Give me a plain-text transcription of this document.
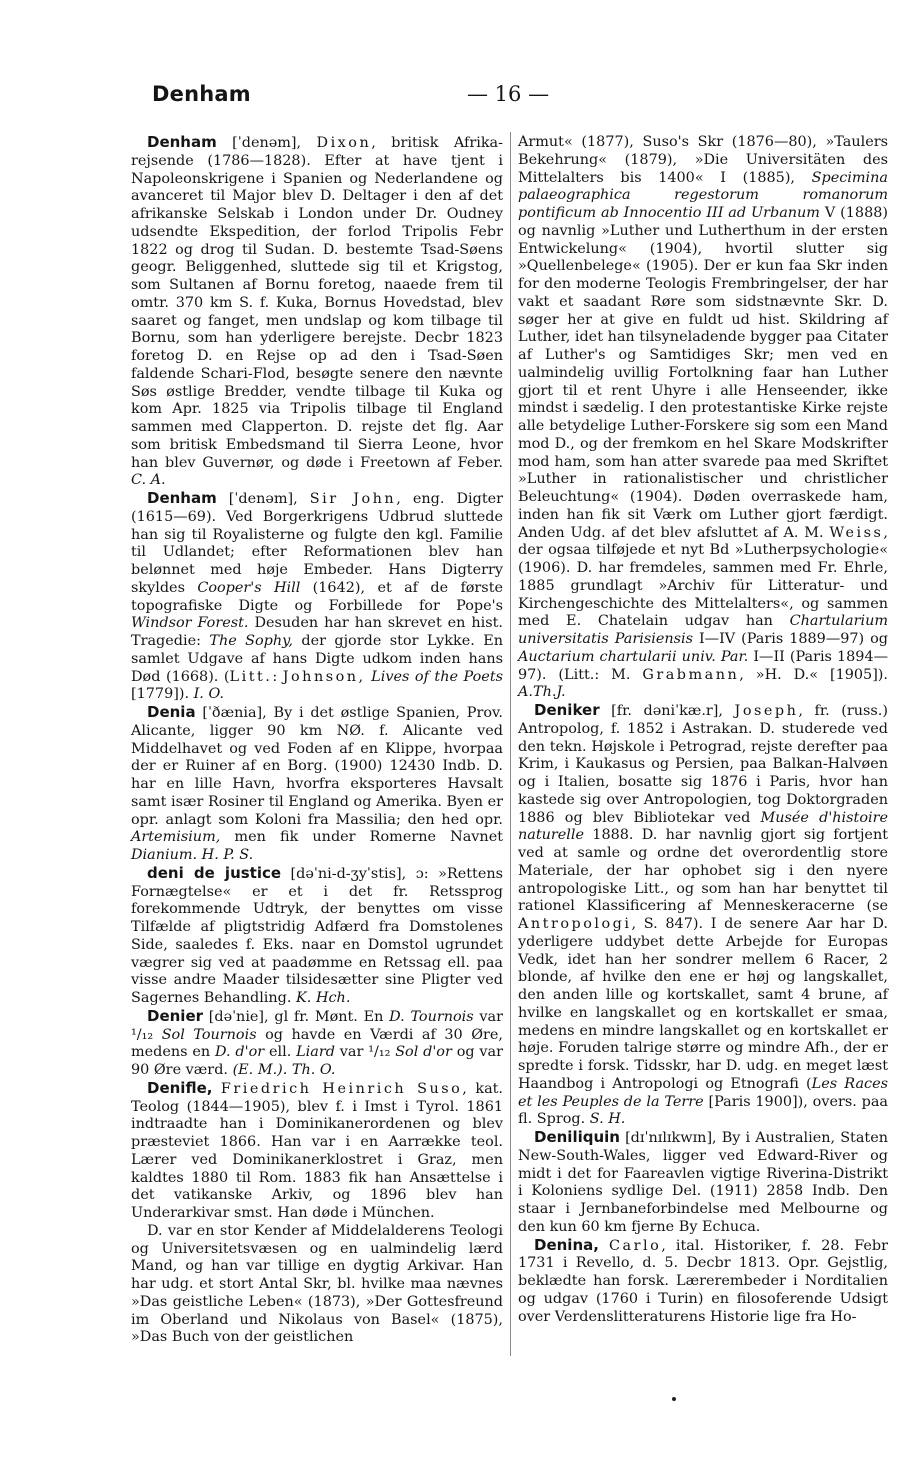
Denham	— 16 —

Denham [ˈdenəm], Dixon, britisk Afrika-rejsende (1786—1828). Efter at have tjent i Napoleonskrigene i Spanien og Nederlandene og avanceret til Major blev D. Deltager i den af det afrikanske Selskab i London under Dr. Oudney udsendte Ekspedition, der forlod Tripolis Febr 1822 og drog til Sudan. D. bestemte Tsad-Søens geogr. Beliggenhed, sluttede sig til et Krigstog, som Sultanen af Bornu foretog, naaede frem til omtr. 370 km S. f. Kuka, Bornus Hovedstad, blev saaret og fanget, men undslap og kom tilbage til Bornu, som han yderligere berejste. Decbr 1823 foretog D. en Rejse op ad den i Tsad-Søen faldende Schari-Flod, besøgte senere den nævnte Søs østlige Bredder, vendte tilbage til Kuka og kom Apr. 1825 via Tripolis tilbage til England sammen med Clapperton. D. rejste det flg. Aar som britisk Embedsmand til Sierra Leone, hvor han blev Guvernør, og døde i Freetown af Feber. C. A.

Denham [ˈdenəm], Sir John, eng. Digter (1615—69). Ved Borgerkrigens Udbrud sluttede han sig til Royalisterne og fulgte den kgl. Familie til Udlandet; efter Reformationen blev han belønnet med høje Embeder. Hans Digterry skyldes Cooper's Hill (1642), et af de første topografiske Digte og Forbillede for Pope's Windsor Forest. Desuden har han skrevet en hist. Tragedie: The Sophy, der gjorde stor Lykke. En samlet Udgave af hans Digte udkom inden hans Død (1668). (Litt.: Johnson, Lives of the Poets [1779]). I. O.

Denia [ˈðænia], By i det østlige Spanien, Prov. Alicante, ligger 90 km NØ. f. Alicante ved Middelhavet og ved Foden af en Klippe, hvorpaa der er Ruiner af en Borg. (1900) 12430 Indb. D. har en lille Havn, hvorfra eksporteres Havsalt samt især Rosiner til England og Amerika. Byen er opr. anlagt som Koloni fra Massilia; den hed opr. Artemisium, men fik under Romerne Navnet Dianium. H. P. S.

deni de justice [dəˈni-d-ʒyˈstis], ɔ: »Rettens Fornægtelse« er et i det fr. Retssprog forekommende Udtryk, der benyttes om visse Tilfælde af pligtstridig Adfærd fra Domstolenes Side, saaledes f. Eks. naar en Domstol ugrundet vægrer sig ved at paadømme en Retssag ell. paa visse andre Maader tilsidesætter sine Pligter ved Sagernes Behandling. K. Hch.

Denier [dəˈnie], gl fr. Mønt. En D. Tournois var ¹/₁₂ Sol Tournois og havde en Værdi af 30 Øre, medens en D. d'or ell. Liard var ¹/₁₂ Sol d'or og var 90 Øre værd. (E. M.). Th. O.

Denifle, Friedrich Heinrich Suso, kat. Teolog (1844—1905), blev f. i Imst i Tyrol. 1861 indtraadte han i Dominikanerordenen og blev præsteviet 1866. Han var i en Aarrække teol. Lærer ved Dominikanerklostret i Graz, men kaldtes 1880 til Rom. 1883 fik han Ansættelse i det vatikanske Arkiv, og 1896 blev han Underarkivar smst. Han døde i München.

D. var en stor Kender af Middelalderens Teologi og Universitetsvæsen og en ualmindelig lærd Mand, og han var tillige en dygtig Arkivar. Han har udg. et stort Antal Skr, bl. hvilke maa nævnes »Das geistliche Leben« (1873), »Der Gottesfreund im Oberland und Nikolaus von Basel« (1875), »Das Buch von der geistlichen

Armut« (1877), Suso's Skr (1876—80), »Taulers Bekehrung« (1879), »Die Universitäten des Mittelalters bis 1400« I (1885), Specimina palaeographica regestorum romanorum pontificum ab Innocentio III ad Urbanum V (1888) og navnlig »Luther und Lutherthum in der ersten Entwickelung« (1904), hvortil slutter sig »Quellenbelege« (1905). Der er kun faa Skr inden for den moderne Teologis Frembringelser, der har vakt et saadant Røre som sidstnævnte Skr. D. søger her at give en fuldt ud hist. Skildring af Luther, idet han tilsyneladende bygger paa Citater af Luther's og Samtidiges Skr; men ved en ualmindelig uvillig Fortolkning faar han Luther gjort til et rent Uhyre i alle Henseender, ikke mindst i sædelig. I den protestantiske Kirke rejste alle betydelige Luther-Forskere sig som een Mand mod D., og der fremkom en hel Skare Modskrifter mod ham, som han atter svarede paa med Skriftet »Luther in rationalistischer und christlicher Beleuchtung« (1904). Døden overraskede ham, inden han fik sit Værk om Luther gjort færdigt. Anden Udg. af det blev afsluttet af A. M. Weiss, der ogsaa tilføjede et nyt Bd »Lutherpsychologie« (1906). D. har fremdeles, sammen med Fr. Ehrle, 1885 grundlagt »Archiv für Litteratur- und Kirchengeschichte des Mittelalters«, og sammen med E. Chatelain udgav han Chartularium universitatis Parisiensis I—IV (Paris 1889—97) og Auctarium chartularii univ. Par. I—II (Paris 1894—97). (Litt.: M. Grabmann, »H. D.« [1905]). A.Th.J.

Deniker [fr. dəniˈkæ.r], Joseph, fr. (russ.) Antropolog, f. 1852 i Astrakan. D. studerede ved den tekn. Højskole i Petrograd, rejste derefter paa Krim, i Kaukasus og Persien, paa Balkan-Halvøen og i Italien, bosatte sig 1876 i Paris, hvor han kastede sig over Antropologien, tog Doktorgraden 1886 og blev Bibliotekar ved Musée d'histoire naturelle 1888. D. har navnlig gjort sig fortjent ved at samle og ordne det overordentlig store Materiale, der har ophobet sig i den nyere antropologiske Litt., og som han har benyttet til rationel Klassificering af Menneskeracerne (se Antropologi, S. 847). I de senere Aar har D. yderligere uddybet dette Arbejde for Europas Vedk, idet han her sondrer mellem 6 Racer, 2 blonde, af hvilke den ene er høj og langskallet, den anden lille og kortskallet, samt 4 brune, af hvilke en langskallet og en kortskallet er smaa, medens en mindre langskallet og en kortskallet er høje. Foruden talrige større og mindre Afh., der er spredte i forsk. Tidsskr, har D. udg. en meget læst Haandbog i Antropologi og Etnografi (Les Races et les Peuples de la Terre [Paris 1900]), overs. paa fl. Sprog. S. H.

Deniliquin [dɪˈnɪlɪkwɪn], By i Australien, Staten New-South-Wales, ligger ved Edward-River og midt i det for Faareavlen vigtige Riverina-Distrikt i Koloniens sydlige Del. (1911) 2858 Indb. Den staar i Jernbaneforbindelse med Melbourne og den kun 60 km fjerne By Echuca.

Denina, Carlo, ital. Historiker, f. 28. Febr 1731 i Revello, d. 5. Decbr 1813. Opr. Gejstlig, beklædte han forsk. Lærerembeder i Norditalien og udgav (1760 i Turin) en filosoferende Udsigt over Verdenslitteraturens Historie lige fra Ho-
